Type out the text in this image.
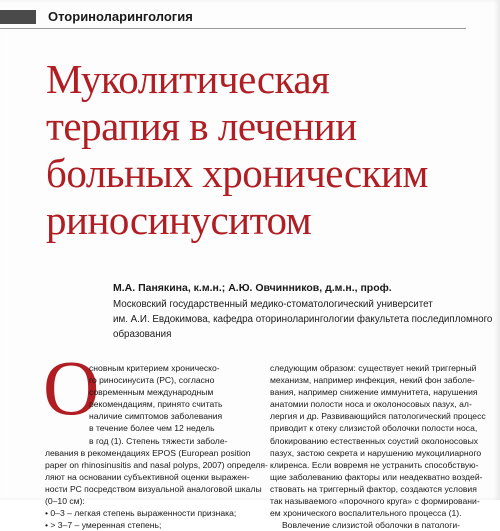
Оториноларингология
Муколитическая
терапия в лечении
больных хроническим
риносинуситом
М.А. Панякина, к.м.н.; А.Ю. Овчинников, д.м.н., проф.
Московский государственный медико-стоматологический университет
им. А.И. Евдокимова, кафедра оториноларингологии факультета последипломного
образования
О
сновным критерием хроническо-
го риносинусита (РС), согласно
современным международным
рекомендациям, принято считать
наличие симптомов заболевания
в течение более чем 12 недель
в год (1). Степень тяжести заболе-
левания в рекомендациях EPOS (European position
paper on rhinosinusitis and nasal polyps, 2007) определя-
ляют на основании субъективной оценки выражен-
ности РС посредством визуальной аналоговой шкалы
(0–10 см):
• 0–3 – легкая степень выраженности признака;
• > 3–7 – умеренная степень;
следующим образом: существует некий триггерный
механизм, например инфекция, некий фон заболе-
вания, например снижение иммунитета, нарушения
анатомии полости носа и околоносовых пазух, ал-
лергия и др. Развивающийся патологический процесс
приводит к отеку слизистой оболочки полости носа,
блокированию естественных соустий околоносовых
пазух, застою секрета и нарушению мукоцилиарного
клиренса. Если вовремя не устранить способствую-
щие заболеванию факторы или неадекватно воздей-
ствовать на триггерный фактор, создаются условия
так называемого «порочного круга» с формировани-
ем хронического воспалительного процесса (1).
Вовлечение слизистой оболочки в патологи-
